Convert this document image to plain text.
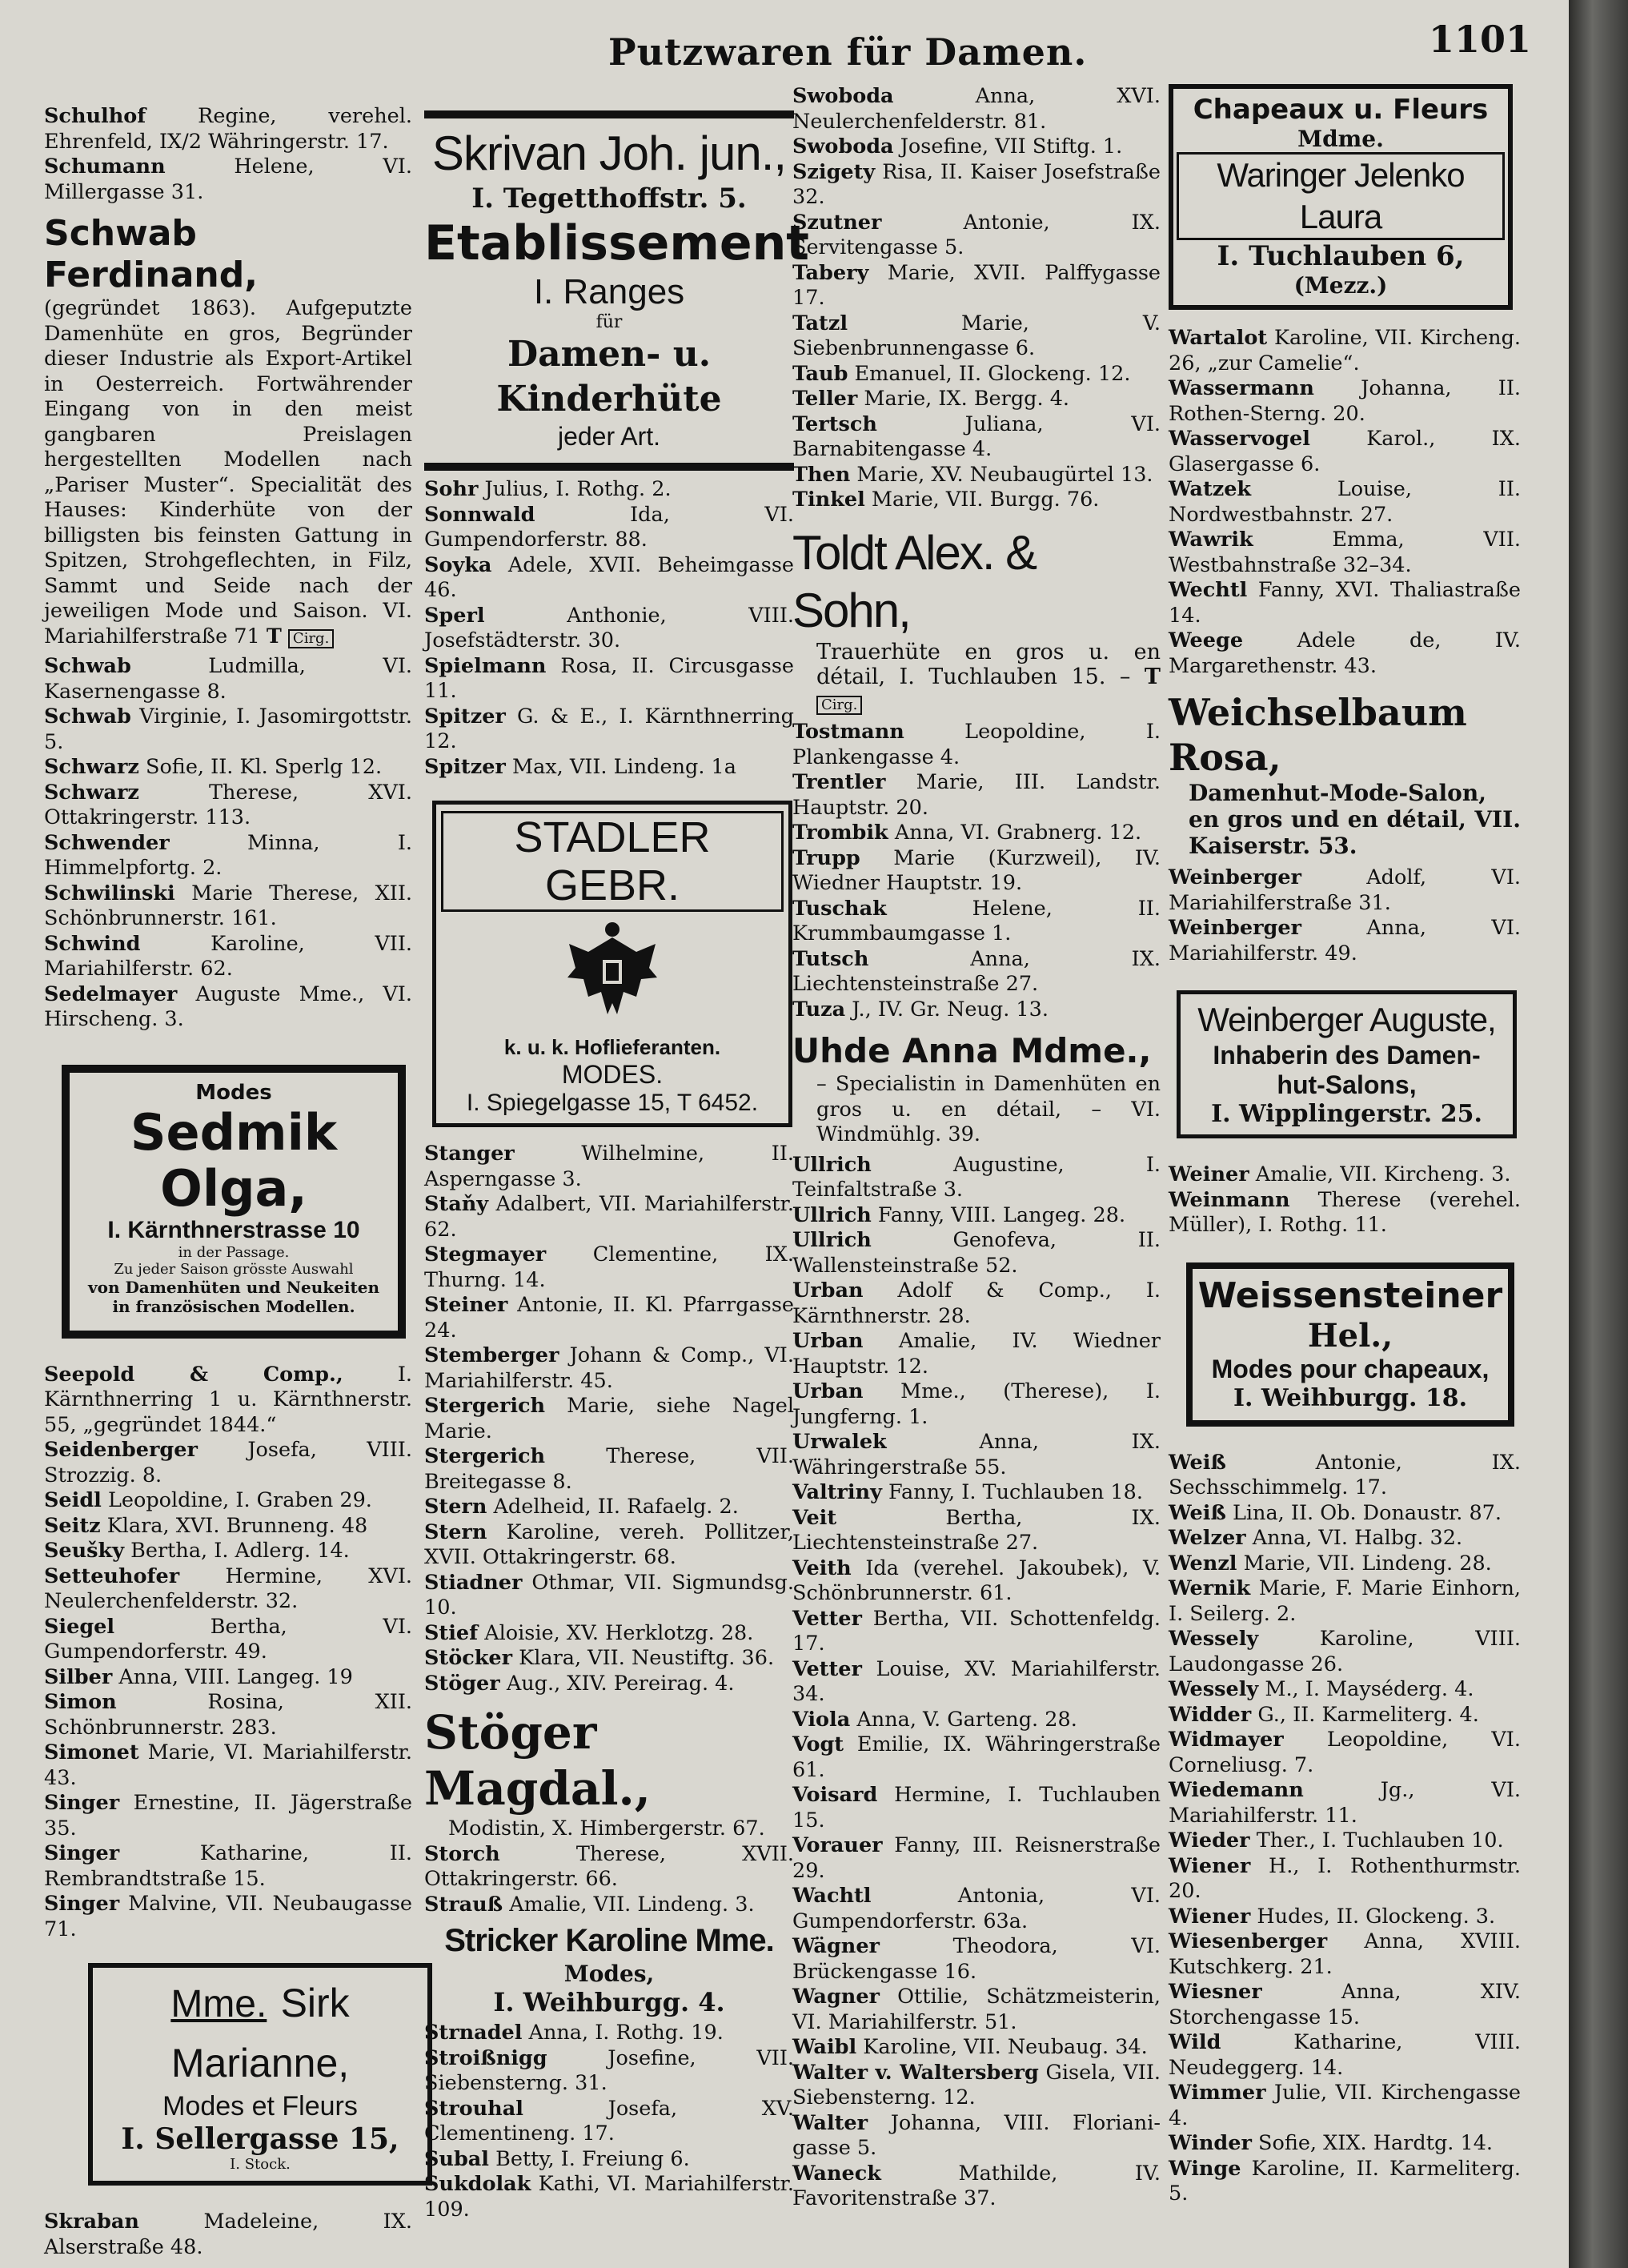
Putzwaren für Damen.	1101

Schulhof	Regine, verehel. Ehrenfeld, IX/2 Währingerstr. 17.

Schumann	Helene, VI. Millergasse 31.

Schwab Ferdinand,

(gegründet 1863). Aufgeputzte Damenhüte en gros, Begründer dieser Industrie als Export-Artikel in Oesterreich. Fortwährender Eingang von in den meist gangbaren Preislagen hergestellten Modellen nach „Pariser Muster“. Specialität des Hauses: Kinderhüte von der billigsten bis feinsten Gattung in Spitzen, Strohgeflechten, in Filz, Sammt und Seide nach der jeweiligen Mode und Saison. VI. Mariahilferstraße 71 T Cirg.

Schwab	Ludmilla, VI. Kasernengasse 8.

Schwab Virginie, I. Jasomirgottstr. 5.

Schwarz Sofie, II. Kl. Sperlg 12.

Schwarz	Therese, XVI. Ottakringerstr. 113.

Schwender	Minna, I. Himmelpfortg. 2.

Schwilinski Marie Therese, XII. Schönbrunnerstr. 161.

Schwind	Karoline, VII. Mariahilferstr. 62.

Sedelmayer Auguste Mme., VI. Hirscheng. 3.

Modes
Sedmik Olga,
I. Kärnthnerstrasse 10
in der Passage.
Zu jeder Saison grösste Auswahl
von Damenhüten und Neukeiten
in französischen Modellen.

Seepold & Comp.,	I. Kärnthnerring 1 u. Kärnthnerstr. 55, „gegründet 1844.“

Seidenberger Josefa, VIII. Strozzig. 8.

Seidl Leopoldine, I. Graben 29.

Seitz Klara, XVI. Brunneng. 48

Seušky Bertha, I. Adlerg. 14.

Setteuhofer Hermine, XVI. Neulerchenfelderstr. 32.

Siegel	Bertha, VI. Gumpendorferstr. 49.

Silber Anna, VIII. Langeg. 19

Simon	Rosina, XII. Schönbrunnerstr. 283.

Simonet Marie, VI. Mariahilferstr. 43.

Singer Ernestine, II. Jägerstraße 35.

Singer	Katharine, II. Rembrandtstraße 15.

Singer Malvine, VII. Neubaugasse 71.

Mme. Sirk Marianne,
Modes et Fleurs
I. Sellergasse 15,
I. Stock.

Skraban	Madeleine, IX. Alserstraße 48.

Skrivan Joh. jun.,
I. Tegetthoffstr. 5.
Etablissement
I. Ranges
für
Damen- u. Kinderhüte
jeder Art.

Sohr Julius, I. Rothg. 2.

Sonnwald	Ida, VI. Gumpendorferstr. 88.

Soyka Adele, XVII. Beheimgasse 46.

Sperl	Anthonie, VIII. Josefstädterstr. 30.

Spielmann Rosa, II. Circusgasse 11.

Spitzer G. & E., I. Kärnthnerring 12.

Spitzer Max, VII. Lindeng. 1a

STADLER GEBR.
k. u. k. Hoflieferanten.
MODES.
I. Spiegelgasse 15, T 6452.

Stanger	Wilhelmine, II. Asperngasse 3.

Staňy Adalbert, VII. Mariahilferstr. 62.

Stegmayer Clementine, IX. Thurng. 14.

Steiner Antonie, II. Kl. Pfarrgasse 24.

Stemberger Johann & Comp., VI. Mariahilferstr. 45.

Stergerich Marie, siehe Nagel Marie.

Stergerich	Therese, VII. Breitegasse 8.

Stern Adelheid, II. Rafaelg. 2.

Stern Karoline, vereh. Pollitzer, XVII. Ottakringerstr. 68.

Stiadner Othmar, VII. Sigmundsg. 10.

Stief Aloisie, XV. Herklotzg. 28.

Stöcker Klara, VII. Neustiftg. 36.

Stöger Aug., XIV. Pereirag. 4.

Stöger Magdal.,

Modistin, X. Himbergerstr. 67.

Storch	Therese, XVII. Ottakringerstr. 66.

Strauß Amalie, VII. Lindeng. 3.

Stricker Karoline Mme.
Modes,
I. Weihburgg. 4.

Strnadel Anna, I. Rothg. 19.

Stroißnigg	Josefine, VII. Siebensterng. 31.

Strouhal	Josefa, XV. Clementineng. 17.

Subal Betty, I. Freiung 6.

Sukdolak Kathi, VI. Mariahilferstr. 109.

Swoboda	Anna, XVI. Neulerchenfelderstr. 81.

Swoboda Josefine, VII Stiftg. 1.

Szigety Risa, II. Kaiser Josefstraße 32.

Szutner	Antonie, IX. Servitengasse 5.

Tabery Marie, XVII. Palffygasse 17.

Tatzl	Marie, V. Siebenbrunnengasse 6.

Taub Emanuel, II. Glockeng. 12.

Teller Marie, IX. Bergg. 4.

Tertsch	Juliana, VI. Barnabitengasse 4.

Then Marie, XV. Neubaugürtel 13.

Tinkel Marie, VII. Burgg. 76.

Toldt Alex. & Sohn,

Trauerhüte en gros u. en détail, I. Tuchlauben 15. – T Cirg.

Tostmann	Leopoldine, I. Plankengasse 4.

Trentler Marie, III. Landstr. Hauptstr. 20.

Trombik Anna, VI. Grabnerg. 12.

Trupp Marie (Kurzweil), IV. Wiedner Hauptstr. 19.

Tuschak	Helene, II. Krummbaumgasse 1.

Tutsch	Anna, IX. Liechtensteinstraße 27.

Tuza J., IV. Gr. Neug. 13.

Uhde Anna Mdme.,

– Specialistin in Damenhüten en gros u. en détail, – VI. Windmühlg. 39.

Ullrich	Augustine, I. Teinfaltstraße 3.

Ullrich Fanny, VIII. Langeg. 28.

Ullrich	Genofeva, II. Wallensteinstraße 52.

Urban Adolf & Comp., I. Kärnthnerstr. 28.

Urban Amalie, IV. Wiedner Hauptstr. 12.

Urban Mme., (Therese), I. Jungferng. 1.

Urwalek	Anna, IX. Währingerstraße 55.

Valtriny Fanny, I. Tuchlauben 18.

Veit	Bertha, IX. Liechtensteinstraße 27.

Veith Ida (verehel. Jakoubek), V. Schönbrunnerstr. 61.

Vetter Bertha, VII. Schottenfeldg. 17.

Vetter Louise, XV. Mariahilferstr. 34.

Viola Anna, V. Garteng. 28.

Vogt Emilie, IX. Währingerstraße 61.

Voisard Hermine, I. Tuchlauben 15.

Vorauer Fanny, III. Reisnerstraße 29.

Wachtl	Antonia, VI. Gumpendorferstr. 63a.

Wägner	Theodora, VI. Brückengasse 16.

Wagner Ottilie, Schätzmeisterin, VI. Mariahilferstr. 51.

Waibl Karoline, VII. Neubaug. 34.

Walter v. Waltersberg Gisela, VII. Siebensterng. 12.

Walter Johanna, VIII. Floriani-gasse 5.

Waneck	Mathilde, IV. Favoritenstraße 37.

Chapeaux u. Fleurs
Mdme.
Waringer Jelenko Laura
I. Tuchlauben 6,
(Mezz.)

Wartalot Karoline, VII. Kircheng. 26, „zur Camelie“.

Wassermann Johanna, II. Rothen-Sterng. 20.

Wasservogel	Karol., IX. Glasergasse 6.

Watzek	Louise, II. Nordwestbahnstr. 27.

Wawrik	Emma, VII. Westbahnstraße 32–34.

Wechtl Fanny, XVI. Thaliastraße 14.

Weege	Adele de, IV. Margarethenstr. 43.

Weichselbaum Rosa,

Damenhut-Mode-Salon, en gros und en détail, VII. Kaiserstr. 53.

Weinberger	Adolf, VI. Mariahilferstraße 31.

Weinberger	Anna, VI. Mariahilferstr. 49.

Weinberger Auguste,
Inhaberin des Damen-
hut-Salons,
I. Wipplingerstr. 25.

Weiner Amalie, VII. Kircheng. 3.

Weinmann Therese (verehel. Müller), I. Rothg. 11.

Weissensteiner
Hel.,
Modes pour chapeaux,
I. Weihburgg. 18.

Weiß	Antonie, IX. Sechsschimmelg. 17.

Weiß Lina, II. Ob. Donaustr. 87.

Welzer Anna, VI. Halbg. 32.

Wenzl Marie, VII. Lindeng. 28.

Wernik Marie, F. Marie Einhorn, I. Seilerg. 2.

Wessely	Karoline, VIII. Laudongasse 26.

Wessely M., I. Mayséderg. 4.

Widder G., II. Karmeliterg. 4.

Widmayer Leopoldine, VI. Corneliusg. 7.

Wiedemann	Jg., VI. Mariahilferstr. 11.

Wieder Ther., I. Tuchlauben 10.

Wiener H., I. Rothenthurmstr. 20.

Wiener Hudes, II. Glockeng. 3.

Wiesenberger Anna, XVIII. Kutschkerg. 21.

Wiesner	Anna, XIV. Storchengasse 15.

Wild	Katharine, VIII. Neudeggerg. 14.

Wimmer Julie, VII. Kirchengasse 4.

Winder Sofie, XIX. Hardtg. 14.

Winge Karoline, II. Karmeliterg. 5.
